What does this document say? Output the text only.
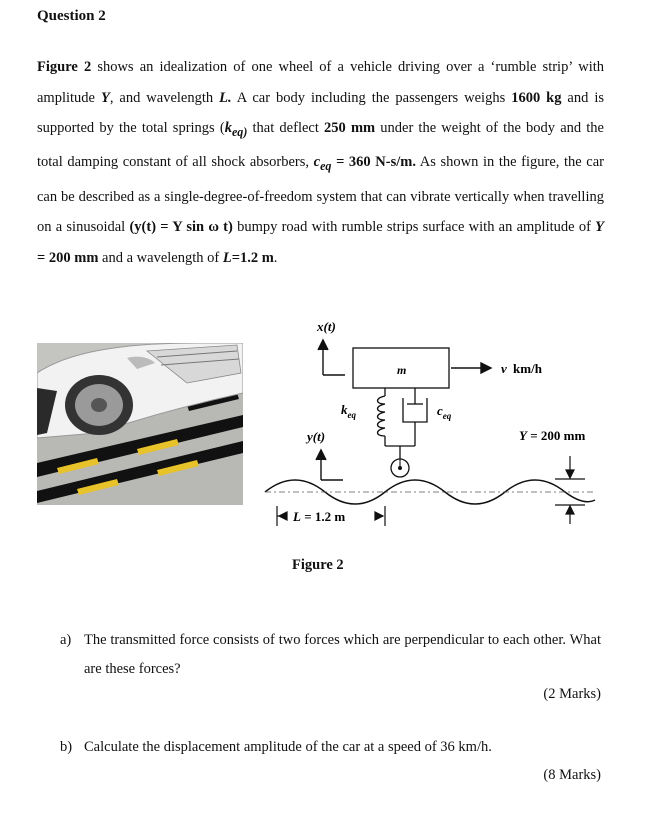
Question 2
Figure 2 shows an idealization of one wheel of a vehicle driving over a ‘rumble strip’ with amplitude Y, and wavelength L. A car body including the passengers weighs 1600 kg and is supported by the total springs ($k_{eq)}$ that deflect 250 mm under the weight of the body and the total damping constant of all shock absorbers, $c_{eq} = 360$ N-s/m. As shown in the figure, the car can be described as a single-degree-of-freedom system that can vibrate vertically when travelling on a sinusoidal (y(t) = Y sin ω t) bumpy road with rumble strips surface with an amplitude of Y = 200 mm and a wavelength of L=1.2 m.
x(t)
m	v km/h
$k_{eq}$	$c_{eq}$
y(t)	Y = 200 mm
L = 1.2 m
Figure 2
a) The transmitted force consists of two forces which are perpendicular to each other. What are these forces?
(2 Marks)
b) Calculate the displacement amplitude of the car at a speed of 36 km/h.
(8 Marks)
